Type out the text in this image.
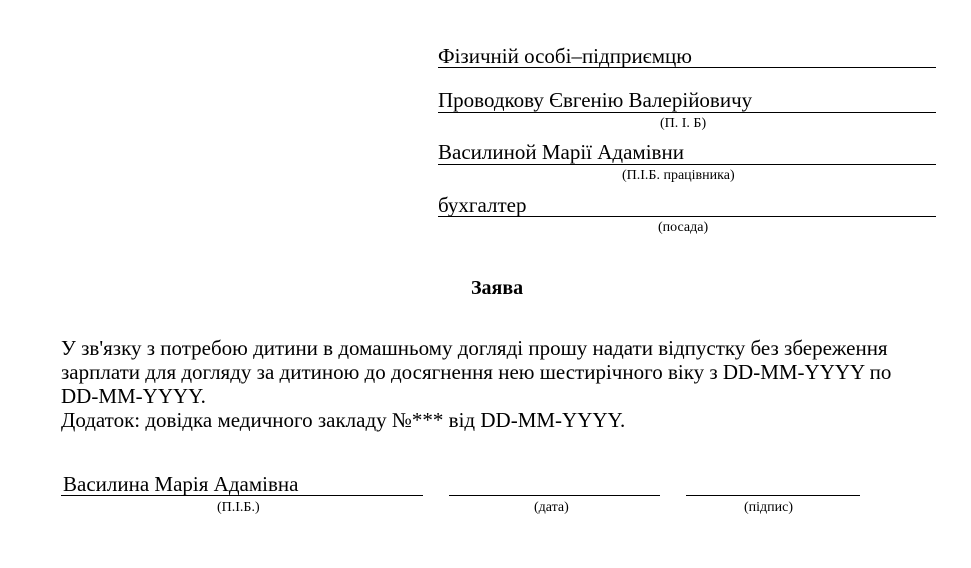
Фізичній особі–підприємцю
Проводкову Євгенію Валерійовичу
(П. І. Б)
Василиной Марії Адамівни
(П.І.Б. працівника)
бухгалтер
(посада)
Заява
У зв'язку з потребою дитини в домашньому догляді прошу надати відпустку без збереження
зарплати для догляду за дитиною до досягнення нею шестирічного віку з DD-MM-YYYY по
DD-MM-YYYY.
Додаток: довідка медичного закладу №*** від DD-MM-YYYY.
Василина Марія Адамівна
(П.І.Б.)	(дата)	(підпис)
